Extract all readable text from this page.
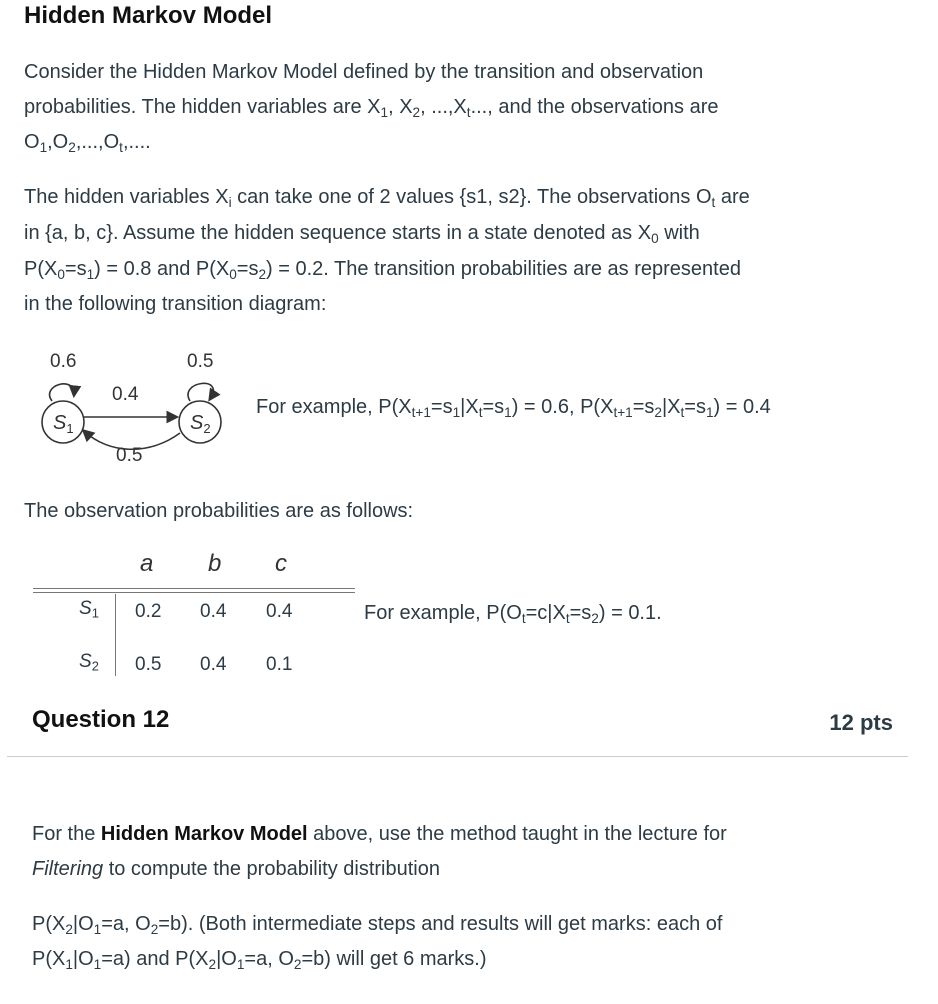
Hidden Markov Model
Consider the Hidden Markov Model defined by the transition and observation
probabilities. The hidden variables are $X_1$, $X_2$, $...,X_t$..., and the observations are
$O_1,O_2,...,O_t$,....
The hidden variables $X_i$ can take one of 2 values {s1, s2}. The observations $O_t$ are
in {a, b, c}. Assume the hidden sequence starts in a state denoted as $X_0$ with
$P(X_0=s_1) = 0.8$ and $P(X_0=s_2) = 0.2$. The transition probabilities are as represented
in the following transition diagram:
$S_1$	$S_2$
0.6	0.5
0.4
0.5
For example, $P(X_{t+1}=s_1|X_t=s_1) = 0.6$, $P(X_{t+1}=s_2|X_t=s_1) = 0.4$
The observation probabilities are as follows:
a b c
$S_1$ 0.2 0.4 0.4
$S_2$ 0.5 0.4 0.1
For example, $P(O_t=c|X_t=s_2) = 0.1$.
Question 12	12 pts
For the Hidden Markov Model above, use the method taught in the lecture for
Filtering to compute the probability distribution
$P(X_2|O_1=a$, $O_2=b$). (Both intermediate steps and results will get marks: each of
$P(X_1|O_1=a)$ and $P(X_2|O_1=a$, $O_2=b$) will get 6 marks.)
